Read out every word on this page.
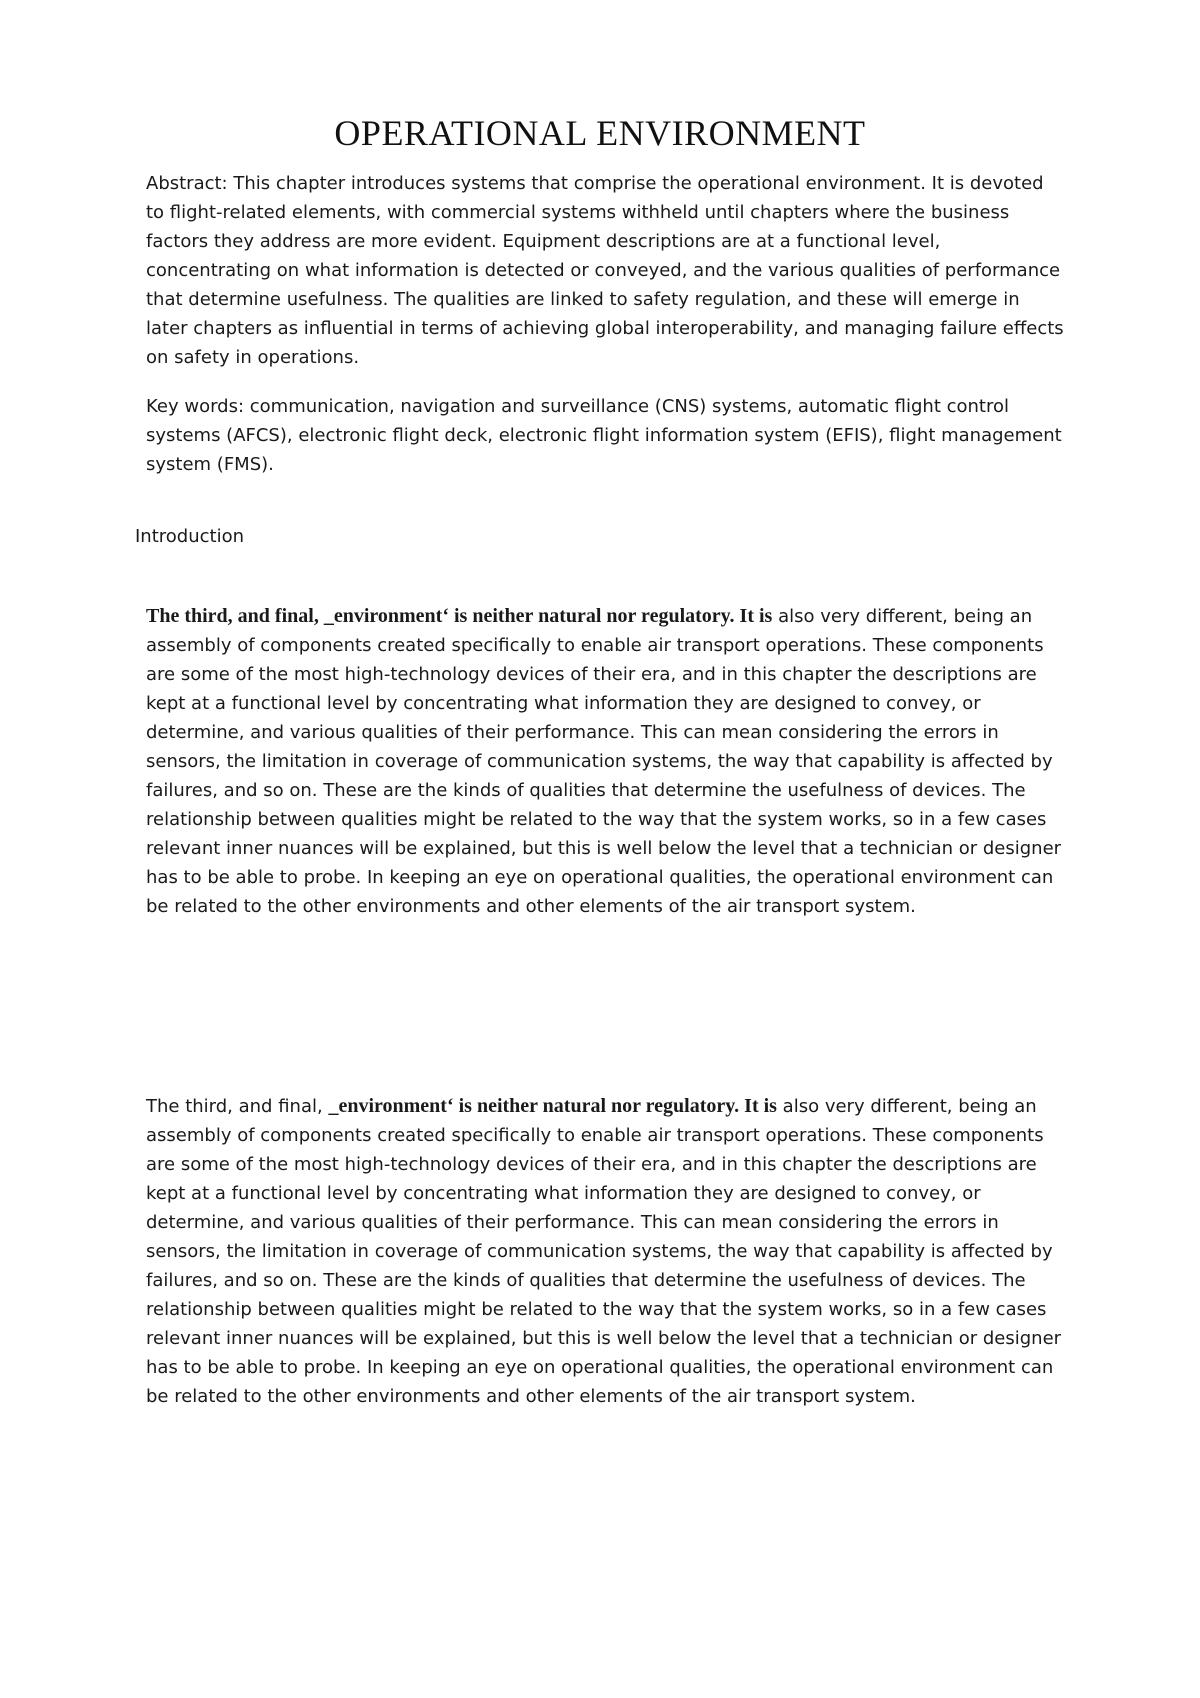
OPERATIONAL ENVIRONMENT

Abstract: This chapter introduces systems that comprise the operational environment. It is devoted to flight-related elements, with commercial systems withheld until chapters where the business factors they address are more evident. Equipment descriptions are at a functional level, concentrating on what information is detected or conveyed, and the various qualities of performance that determine usefulness. The qualities are linked to safety regulation, and these will emerge in later chapters as influential in terms of achieving global interoperability, and managing failure effects on safety in operations.

Key words: communication, navigation and surveillance (CNS) systems, automatic flight control systems (AFCS), electronic flight deck, electronic flight information system (EFIS), flight management system (FMS).

Introduction

The third, and final, _environment‘ is neither natural nor regulatory. It is also very different, being an assembly of components created specifically to enable air transport operations. These components are some of the most high-technology devices of their era, and in this chapter the descriptions are kept at a functional level by concentrating what information they are designed to convey, or determine, and various qualities of their performance. This can mean considering the errors in sensors, the limitation in coverage of communication systems, the way that capability is affected by failures, and so on. These are the kinds of qualities that determine the usefulness of devices. The relationship between qualities might be related to the way that the system works, so in a few cases relevant inner nuances will be explained, but this is well below the level that a technician or designer has to be able to probe. In keeping an eye on operational qualities, the operational environment can be related to the other environments and other elements of the air transport system.

The third, and final, _environment‘ is neither natural nor regulatory. It is also very different, being an assembly of components created specifically to enable air transport operations. These components are some of the most high-technology devices of their era, and in this chapter the descriptions are kept at a functional level by concentrating what information they are designed to convey, or determine, and various qualities of their performance. This can mean considering the errors in sensors, the limitation in coverage of communication systems, the way that capability is affected by failures, and so on. These are the kinds of qualities that determine the usefulness of devices. The relationship between qualities might be related to the way that the system works, so in a few cases relevant inner nuances will be explained, but this is well below the level that a technician or designer has to be able to probe. In keeping an eye on operational qualities, the operational environment can be related to the other environments and other elements of the air transport system.
